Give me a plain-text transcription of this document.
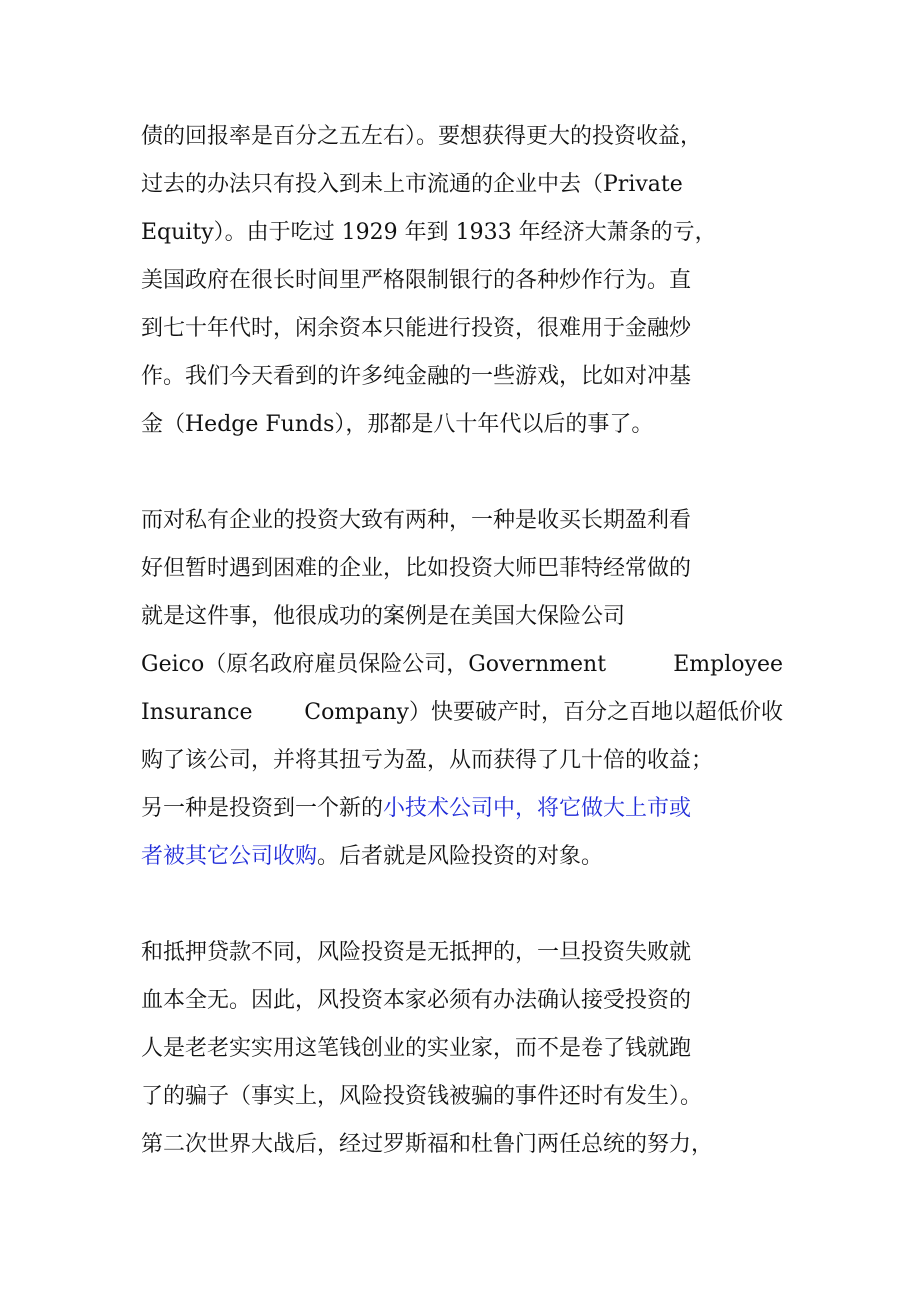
债的回报率是百分之五左右）。要想获得更大的投资收益，
过去的办法只有投入到未上市流通的企业中去（Private
Equity）。由于吃过 1929 年到 1933 年经济大萧条的亏，
美国政府在很长时间里严格限制银行的各种炒作行为。直
到七十年代时，闲余资本只能进行投资，很难用于金融炒
作。我们今天看到的许多纯金融的一些游戏，比如对冲基
金（Hedge Funds），那都是八十年代以后的事了。
而对私有企业的投资大致有两种，一种是收买长期盈利看
好但暂时遇到困难的企业，比如投资大师巴菲特经常做的
就是这件事，他很成功的案例是在美国大保险公司
Geico（原名政府雇员保险公司，Government	Employee
Insurance Company）快要破产时，百分之百地以超低价收
购了该公司，并将其扭亏为盈，从而获得了几十倍的收益；
另一种是投资到一个新的小技术公司中，将它做大上市或
者被其它公司收购。后者就是风险投资的对象。
和抵押贷款不同，风险投资是无抵押的，一旦投资失败就
血本全无。因此，风投资本家必须有办法确认接受投资的
人是老老实实用这笔钱创业的实业家，而不是卷了钱就跑
了的骗子（事实上，风险投资钱被骗的事件还时有发生）。
第二次世界大战后，经过罗斯福和杜鲁门两任总统的努力，
